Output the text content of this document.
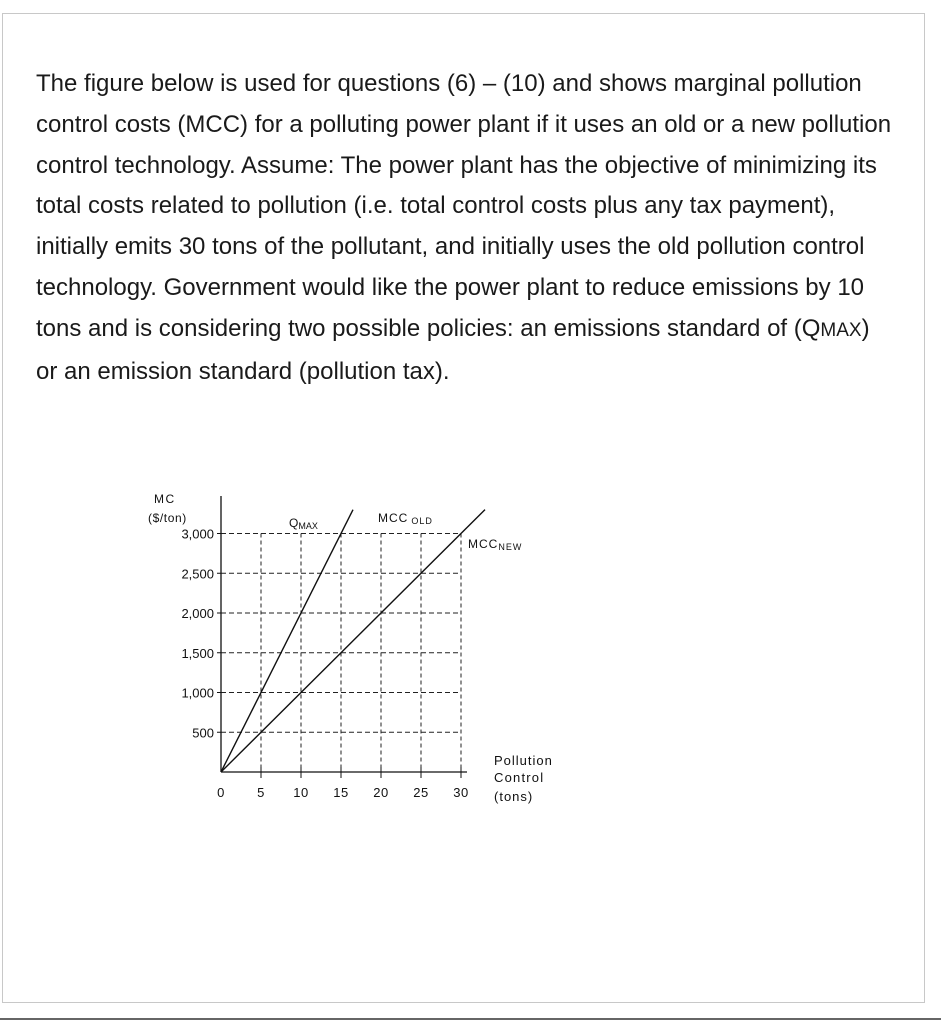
The figure below is used for questions (6) – (10) and shows marginal pollution control costs (MCC) for a polluting power plant if it uses an old or a new pollution control technology. Assume: The power plant has the objective of minimizing its total costs related to pollution (i.e. total control costs plus any tax payment), initially emits 30 tons of the pollutant, and initially uses the old pollution control technology. Government would like the power plant to reduce emissions by 10 tons and is considering two possible policies: an emissions standard of (QMAX) or an emission standard (pollution tax).

500
1,000
1,500
2,000
2,500
3,000
0 5 10 15 20 25 30
MC
($/ton)
Pollution
Control
(tons)
QMAX
MCC OLD
MCCNEW
